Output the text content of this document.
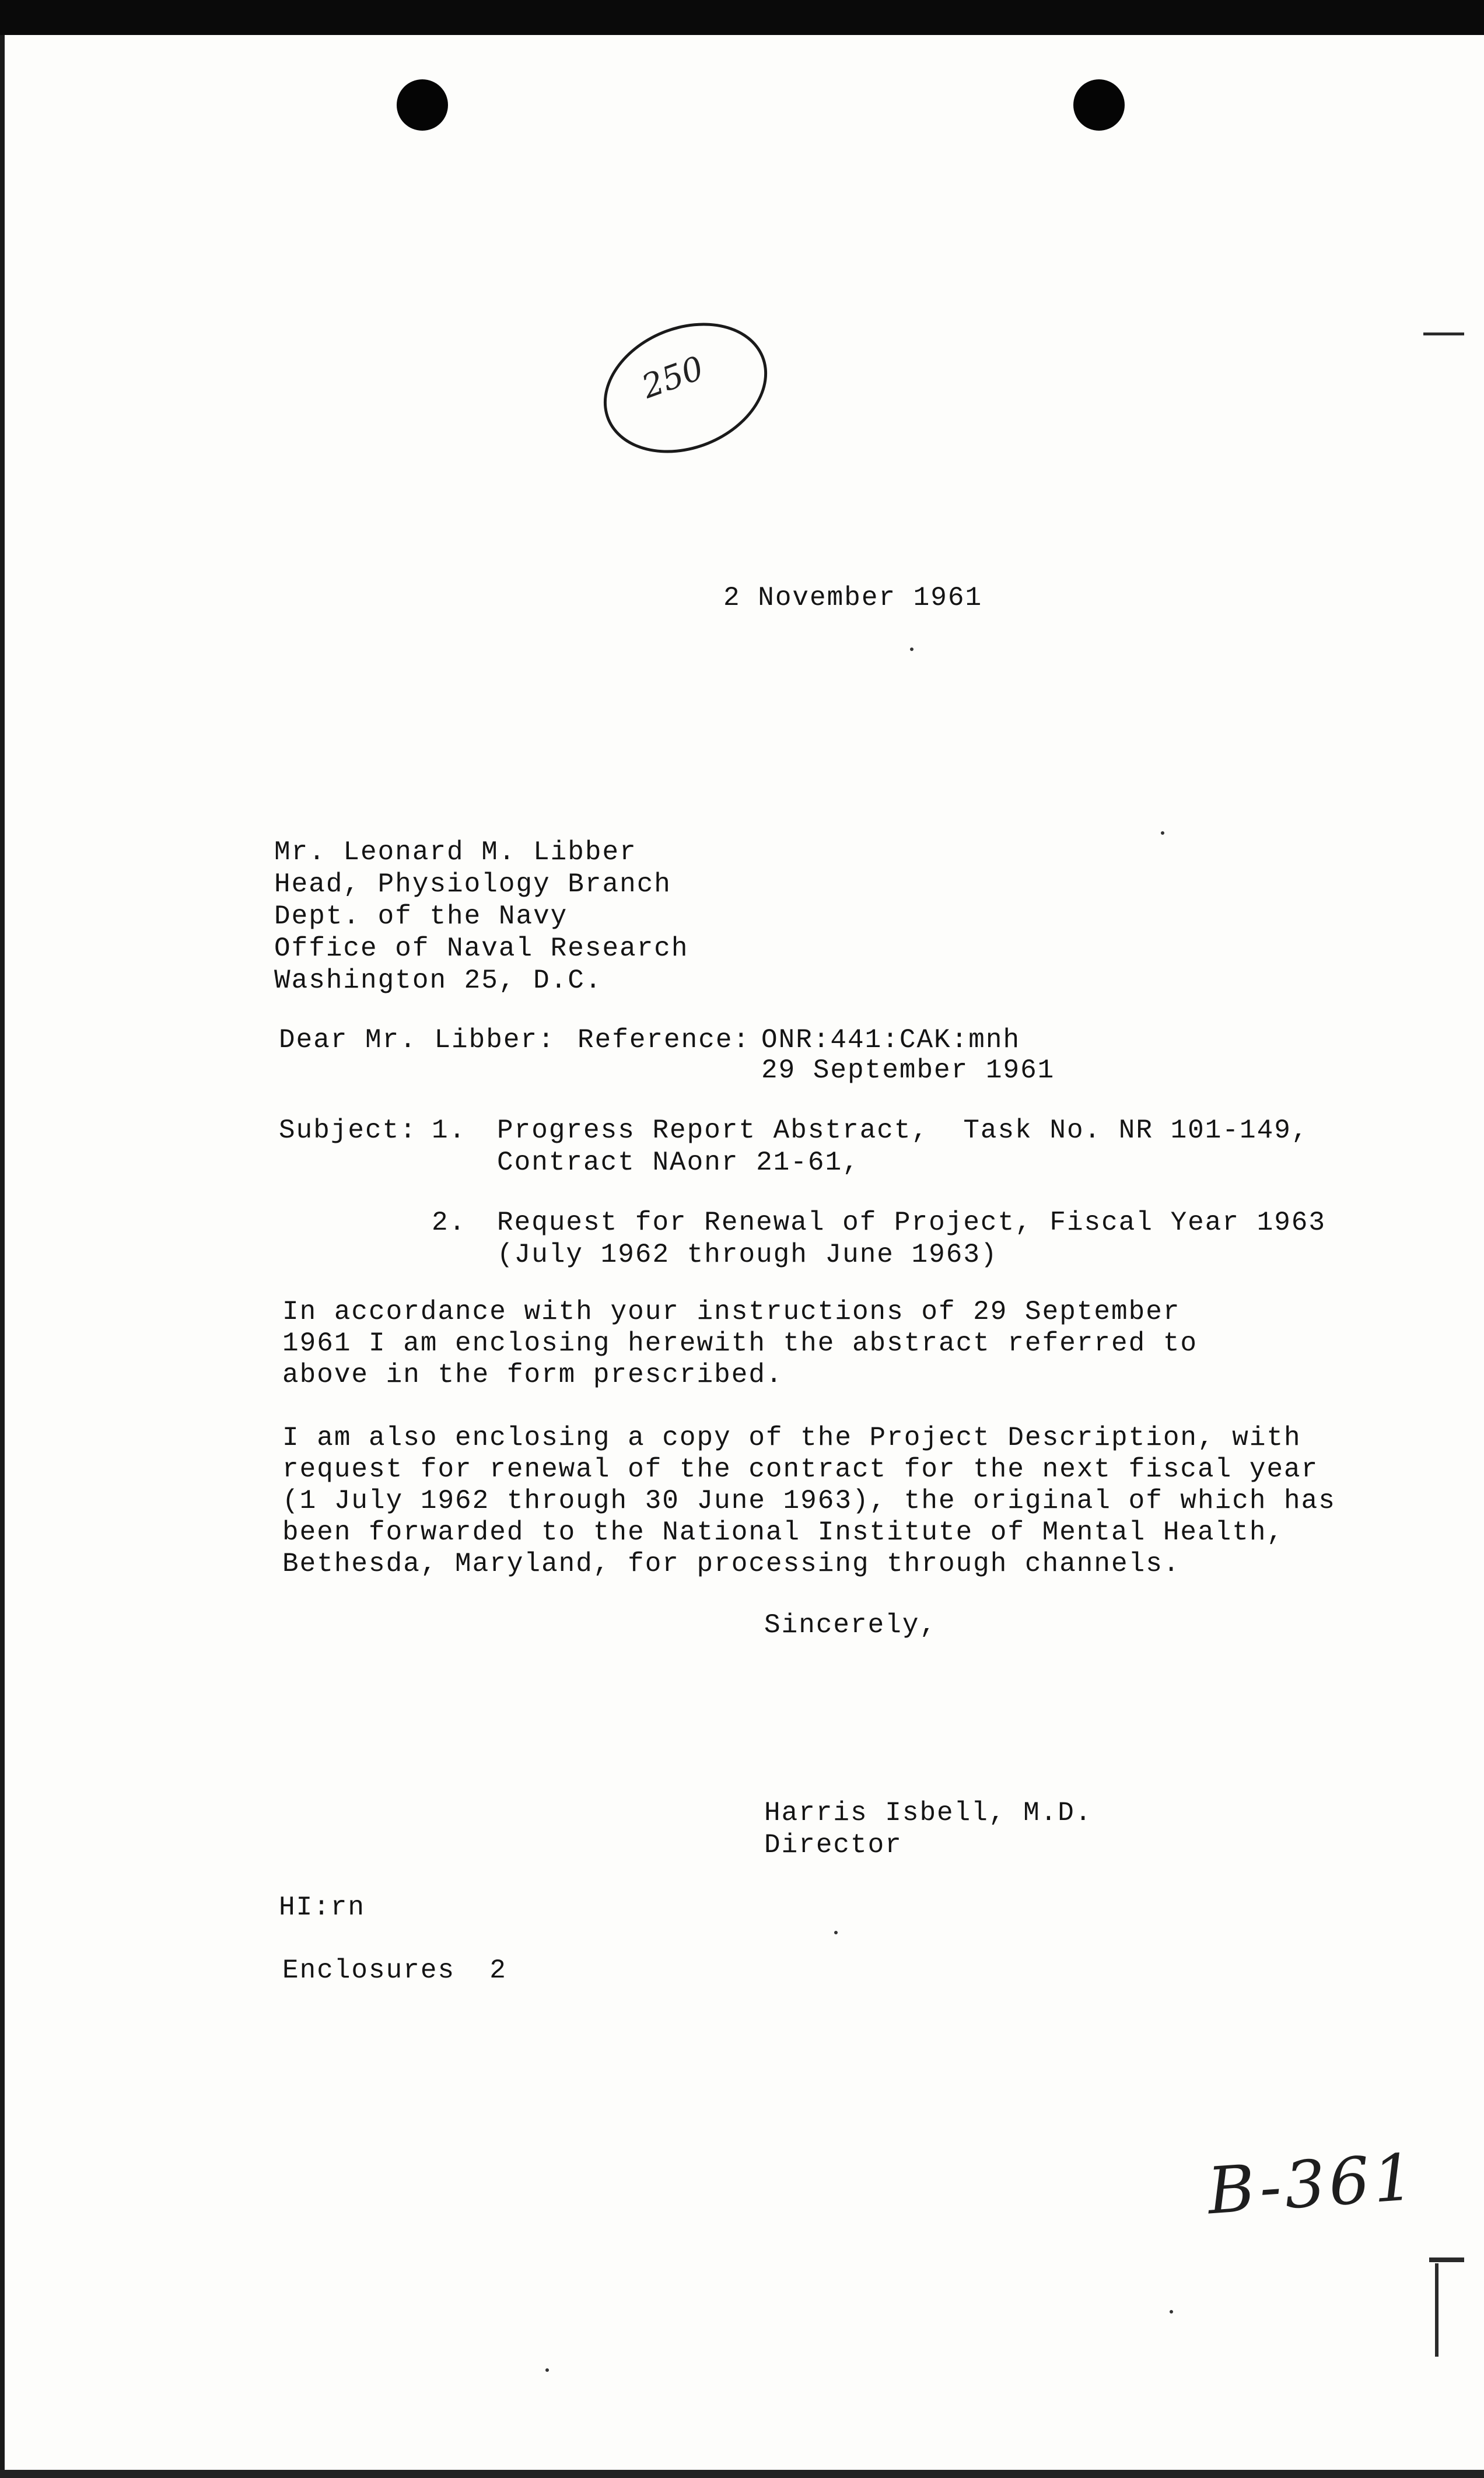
250
2 November 1961
Mr. Leonard M. Libber
Head, Physiology Branch
Dept. of the Navy
Office of Naval Research
Washington 25, D.C.
Dear Mr. Libber: Reference: ONR:441:CAK:mnh
29 September 1961
Subject: 1. Progress Report Abstract,  Task No. NR 101-149,
Contract NAonr 21-61,
2. Request for Renewal of Project, Fiscal Year 1963
(July 1962 through June 1963)
In accordance with your instructions of 29 September 1961 I am enclosing herewith the abstract referred to above in the form prescribed.
I am also enclosing a copy of the Project Description, with request for renewal of the contract for the next fiscal year (1 July 1962 through 30 June 1963), the original of which has been forwarded to the National Institute of Mental Health, Bethesda, Maryland, for processing through channels.
Sincerely,
Harris Isbell, M.D.
Director
HI:rn
Enclosures  2
B-361
